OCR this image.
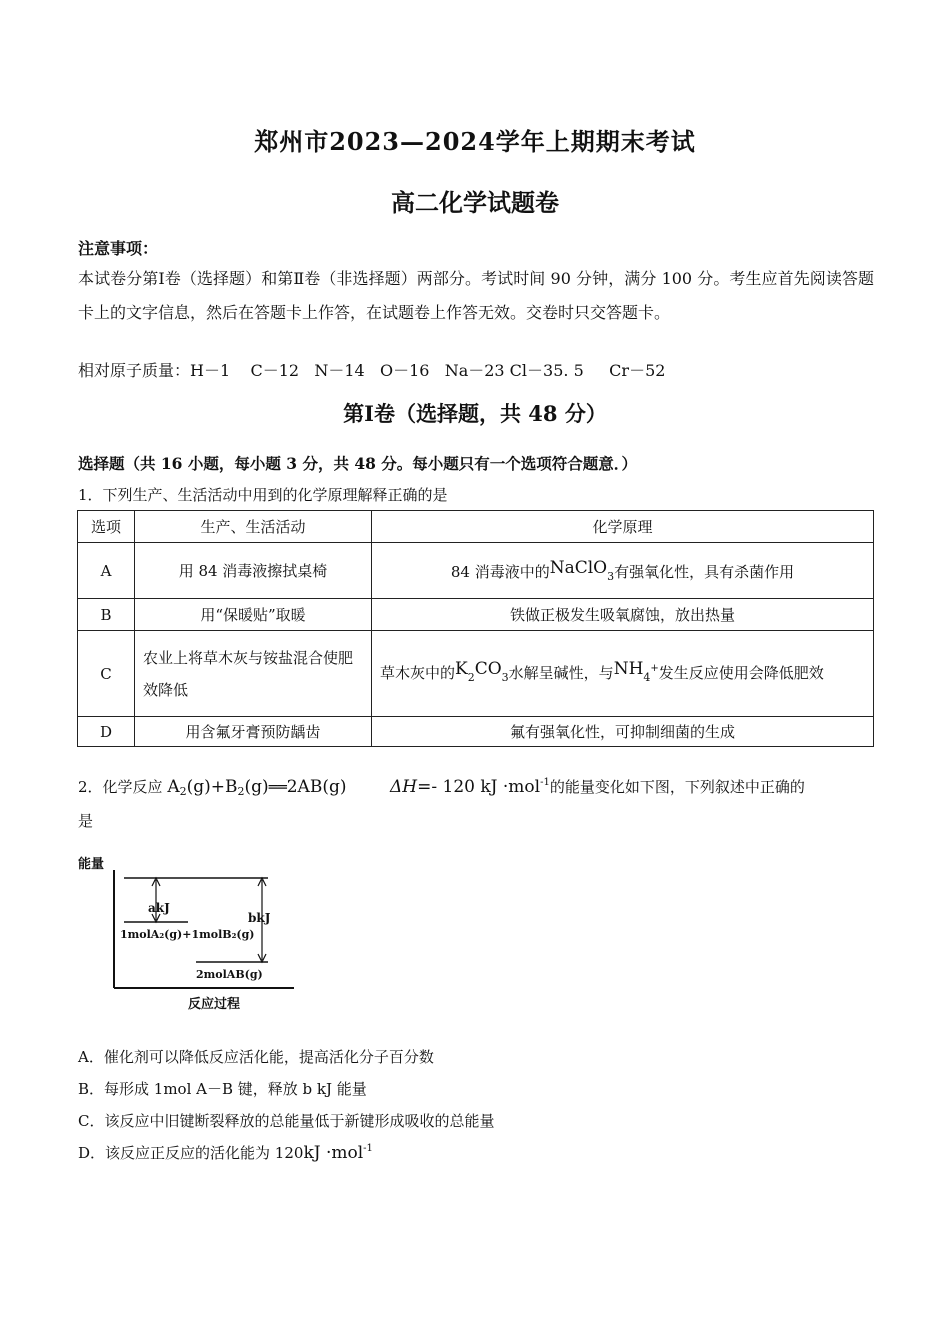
郑州市2023—2024学年上期期末考试
高二化学试题卷
注意事项：
本试卷分第Ⅰ卷（选择题）和第Ⅱ卷（非选择题）两部分。考试时间 90 分钟，满分 100 分。考生应首先阅读答题卡上的文字信息，然后在答题卡上作答，在试题卷上作答无效。交卷时只交答题卡。
相对原子质量：H－1    C－12   N－14   O－16   Na－23 Cl－35. 5     Cr－52
第Ⅰ卷（选择题，共 48 分）
选择题（共 16 小题，每小题 3 分，共 48 分。每小题只有一个选项符合题意．）
1．下列生产、生活活动中用到的化学原理解释正确的是
选项	生产、生活活动	化学原理
A	用 84 消毒液擦拭桌椅	84 消毒液中的NaClO$_3$有强氧化性，具有杀菌作用
B	用“保暖贴”取暖	铁做正极发生吸氧腐蚀，放出热量
C	农业上将草木灰与铵盐混合使肥效降低	草木灰中的$K_2CO_3$水解呈碱性，与$NH_4^+$发生反应使用会降低肥效
D	用含氟牙膏预防龋齿	氟有强氧化性，可抑制细菌的生成
2．化学反应 $A_2(g)+B_2(g)══2AB(g)$	ΔH=- 120 kJ ·mol$^{-1}$的能量变化如下图，下列叙述中正确的
是
能量
反应过程
akJ
bkJ
1molA₂(g)+1molB₂(g)
2molAB(g)
A．催化剂可以降低反应活化能，提高活化分子百分数
B．每形成 1mol A－B 键，释放 b kJ 能量
C．该反应中旧键断裂释放的总能量低于新键形成吸收的总能量
D．该反应正反应的活化能为 120kJ ·mol$^{-1}$
